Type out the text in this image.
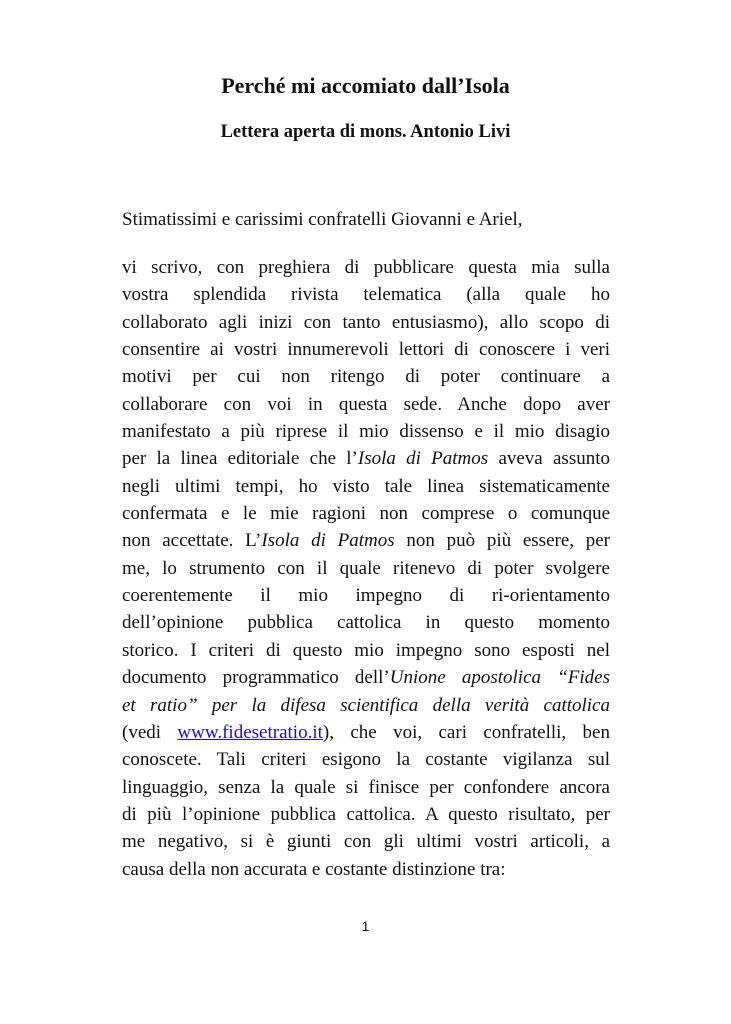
Perché mi accomiato dall’Isola
Lettera aperta di mons. Antonio Livi
Stimatissimi e carissimi confratelli Giovanni e Ariel,
vi scrivo, con preghiera di pubblicare questa mia sulla
vostra splendida rivista telematica (alla quale ho
collaborato agli inizi con tanto entusiasmo), allo scopo di
consentire ai vostri innumerevoli lettori di conoscere i veri
motivi per cui non ritengo di poter continuare a
collaborare con voi in questa sede. Anche dopo aver
manifestato a più riprese il mio dissenso e il mio disagio
per la linea editoriale che l’Isola di Patmos aveva assunto
negli ultimi tempi, ho visto tale linea sistematicamente
confermata e le mie ragioni non comprese o comunque
non accettate. L’Isola di Patmos non può più essere, per
me, lo strumento con il quale ritenevo di poter svolgere
coerentemente il mio impegno di ri-orientamento
dell’opinione pubblica cattolica in questo momento
storico. I criteri di questo mio impegno sono esposti nel
documento programmatico dell’Unione apostolica “Fides
et ratio” per la difesa scientifica della verità cattolica
(vedi www.fidesetratio.it), che voi, cari confratelli, ben
conoscete. Tali criteri esigono la costante vigilanza sul
linguaggio, senza la quale si finisce per confondere ancora
di più l’opinione pubblica cattolica. A questo risultato, per
me negativo, si è giunti con gli ultimi vostri articoli, a
causa della non accurata e costante distinzione tra:
1
